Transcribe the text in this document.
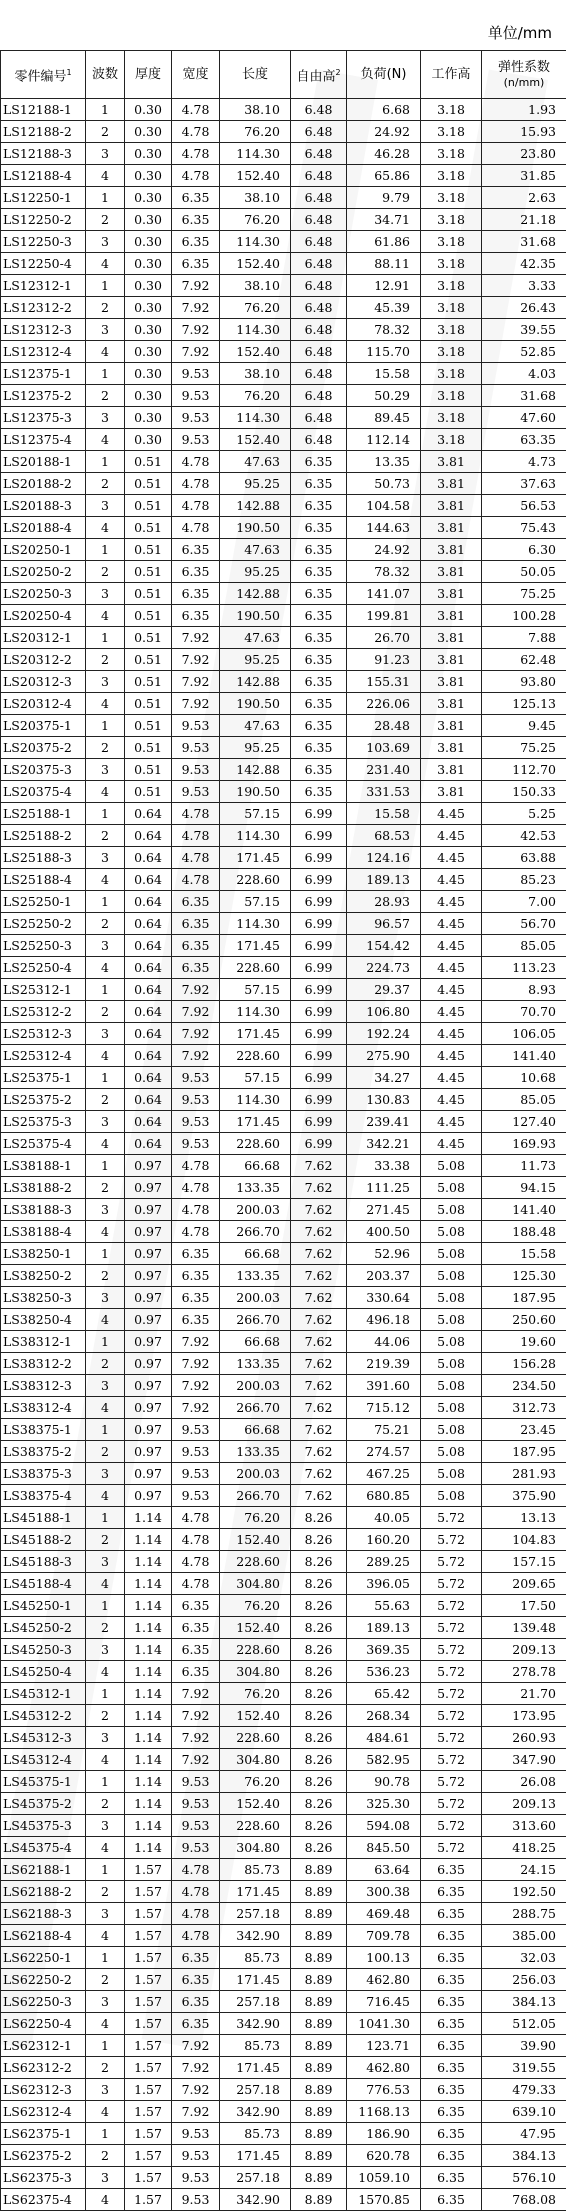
单位/mm
零件编号$^1$	波数	厚度	宽度	长度	自由高$^2$	负荷(N)	工作高	弹性系数
(n/mm)
LS12188-1	1	0.30	4.78	38.10	6.48	6.68	3.18	1.93
LS12188-2	2	0.30	4.78	76.20	6.48	24.92	3.18	15.93
LS12188-3	3	0.30	4.78	114.30	6.48	46.28	3.18	23.80
LS12188-4	4	0.30	4.78	152.40	6.48	65.86	3.18	31.85
LS12250-1	1	0.30	6.35	38.10	6.48	9.79	3.18	2.63
LS12250-2	2	0.30	6.35	76.20	6.48	34.71	3.18	21.18
LS12250-3	3	0.30	6.35	114.30	6.48	61.86	3.18	31.68
LS12250-4	4	0.30	6.35	152.40	6.48	88.11	3.18	42.35
LS12312-1	1	0.30	7.92	38.10	6.48	12.91	3.18	3.33
LS12312-2	2	0.30	7.92	76.20	6.48	45.39	3.18	26.43
LS12312-3	3	0.30	7.92	114.30	6.48	78.32	3.18	39.55
LS12312-4	4	0.30	7.92	152.40	6.48	115.70	3.18	52.85
LS12375-1	1	0.30	9.53	38.10	6.48	15.58	3.18	4.03
LS12375-2	2	0.30	9.53	76.20	6.48	50.29	3.18	31.68
LS12375-3	3	0.30	9.53	114.30	6.48	89.45	3.18	47.60
LS12375-4	4	0.30	9.53	152.40	6.48	112.14	3.18	63.35
LS20188-1	1	0.51	4.78	47.63	6.35	13.35	3.81	4.73
LS20188-2	2	0.51	4.78	95.25	6.35	50.73	3.81	37.63
LS20188-3	3	0.51	4.78	142.88	6.35	104.58	3.81	56.53
LS20188-4	4	0.51	4.78	190.50	6.35	144.63	3.81	75.43
LS20250-1	1	0.51	6.35	47.63	6.35	24.92	3.81	6.30
LS20250-2	2	0.51	6.35	95.25	6.35	78.32	3.81	50.05
LS20250-3	3	0.51	6.35	142.88	6.35	141.07	3.81	75.25
LS20250-4	4	0.51	6.35	190.50	6.35	199.81	3.81	100.28
LS20312-1	1	0.51	7.92	47.63	6.35	26.70	3.81	7.88
LS20312-2	2	0.51	7.92	95.25	6.35	91.23	3.81	62.48
LS20312-3	3	0.51	7.92	142.88	6.35	155.31	3.81	93.80
LS20312-4	4	0.51	7.92	190.50	6.35	226.06	3.81	125.13
LS20375-1	1	0.51	9.53	47.63	6.35	28.48	3.81	9.45
LS20375-2	2	0.51	9.53	95.25	6.35	103.69	3.81	75.25
LS20375-3	3	0.51	9.53	142.88	6.35	231.40	3.81	112.70
LS20375-4	4	0.51	9.53	190.50	6.35	331.53	3.81	150.33
LS25188-1	1	0.64	4.78	57.15	6.99	15.58	4.45	5.25
LS25188-2	2	0.64	4.78	114.30	6.99	68.53	4.45	42.53
LS25188-3	3	0.64	4.78	171.45	6.99	124.16	4.45	63.88
LS25188-4	4	0.64	4.78	228.60	6.99	189.13	4.45	85.23
LS25250-1	1	0.64	6.35	57.15	6.99	28.93	4.45	7.00
LS25250-2	2	0.64	6.35	114.30	6.99	96.57	4.45	56.70
LS25250-3	3	0.64	6.35	171.45	6.99	154.42	4.45	85.05
LS25250-4	4	0.64	6.35	228.60	6.99	224.73	4.45	113.23
LS25312-1	1	0.64	7.92	57.15	6.99	29.37	4.45	8.93
LS25312-2	2	0.64	7.92	114.30	6.99	106.80	4.45	70.70
LS25312-3	3	0.64	7.92	171.45	6.99	192.24	4.45	106.05
LS25312-4	4	0.64	7.92	228.60	6.99	275.90	4.45	141.40
LS25375-1	1	0.64	9.53	57.15	6.99	34.27	4.45	10.68
LS25375-2	2	0.64	9.53	114.30	6.99	130.83	4.45	85.05
LS25375-3	3	0.64	9.53	171.45	6.99	239.41	4.45	127.40
LS25375-4	4	0.64	9.53	228.60	6.99	342.21	4.45	169.93
LS38188-1	1	0.97	4.78	66.68	7.62	33.38	5.08	11.73
LS38188-2	2	0.97	4.78	133.35	7.62	111.25	5.08	94.15
LS38188-3	3	0.97	4.78	200.03	7.62	271.45	5.08	141.40
LS38188-4	4	0.97	4.78	266.70	7.62	400.50	5.08	188.48
LS38250-1	1	0.97	6.35	66.68	7.62	52.96	5.08	15.58
LS38250-2	2	0.97	6.35	133.35	7.62	203.37	5.08	125.30
LS38250-3	3	0.97	6.35	200.03	7.62	330.64	5.08	187.95
LS38250-4	4	0.97	6.35	266.70	7.62	496.18	5.08	250.60
LS38312-1	1	0.97	7.92	66.68	7.62	44.06	5.08	19.60
LS38312-2	2	0.97	7.92	133.35	7.62	219.39	5.08	156.28
LS38312-3	3	0.97	7.92	200.03	7.62	391.60	5.08	234.50
LS38312-4	4	0.97	7.92	266.70	7.62	715.12	5.08	312.73
LS38375-1	1	0.97	9.53	66.68	7.62	75.21	5.08	23.45
LS38375-2	2	0.97	9.53	133.35	7.62	274.57	5.08	187.95
LS38375-3	3	0.97	9.53	200.03	7.62	467.25	5.08	281.93
LS38375-4	4	0.97	9.53	266.70	7.62	680.85	5.08	375.90
LS45188-1	1	1.14	4.78	76.20	8.26	40.05	5.72	13.13
LS45188-2	2	1.14	4.78	152.40	8.26	160.20	5.72	104.83
LS45188-3	3	1.14	4.78	228.60	8.26	289.25	5.72	157.15
LS45188-4	4	1.14	4.78	304.80	8.26	396.05	5.72	209.65
LS45250-1	1	1.14	6.35	76.20	8.26	55.63	5.72	17.50
LS45250-2	2	1.14	6.35	152.40	8.26	189.13	5.72	139.48
LS45250-3	3	1.14	6.35	228.60	8.26	369.35	5.72	209.13
LS45250-4	4	1.14	6.35	304.80	8.26	536.23	5.72	278.78
LS45312-1	1	1.14	7.92	76.20	8.26	65.42	5.72	21.70
LS45312-2	2	1.14	7.92	152.40	8.26	268.34	5.72	173.95
LS45312-3	3	1.14	7.92	228.60	8.26	484.61	5.72	260.93
LS45312-4	4	1.14	7.92	304.80	8.26	582.95	5.72	347.90
LS45375-1	1	1.14	9.53	76.20	8.26	90.78	5.72	26.08
LS45375-2	2	1.14	9.53	152.40	8.26	325.30	5.72	209.13
LS45375-3	3	1.14	9.53	228.60	8.26	594.08	5.72	313.60
LS45375-4	4	1.14	9.53	304.80	8.26	845.50	5.72	418.25
LS62188-1	1	1.57	4.78	85.73	8.89	63.64	6.35	24.15
LS62188-2	2	1.57	4.78	171.45	8.89	300.38	6.35	192.50
LS62188-3	3	1.57	4.78	257.18	8.89	469.48	6.35	288.75
LS62188-4	4	1.57	4.78	342.90	8.89	709.78	6.35	385.00
LS62250-1	1	1.57	6.35	85.73	8.89	100.13	6.35	32.03
LS62250-2	2	1.57	6.35	171.45	8.89	462.80	6.35	256.03
LS62250-3	3	1.57	6.35	257.18	8.89	716.45	6.35	384.13
LS62250-4	4	1.57	6.35	342.90	8.89	1041.30	6.35	512.05
LS62312-1	1	1.57	7.92	85.73	8.89	123.71	6.35	39.90
LS62312-2	2	1.57	7.92	171.45	8.89	462.80	6.35	319.55
LS62312-3	3	1.57	7.92	257.18	8.89	776.53	6.35	479.33
LS62312-4	4	1.57	7.92	342.90	8.89	1168.13	6.35	639.10
LS62375-1	1	1.57	9.53	85.73	8.89	186.90	6.35	47.95
LS62375-2	2	1.57	9.53	171.45	8.89	620.78	6.35	384.13
LS62375-3	3	1.57	9.53	257.18	8.89	1059.10	6.35	576.10
LS62375-4	4	1.57	9.53	342.90	8.89	1570.85	6.35	768.08
